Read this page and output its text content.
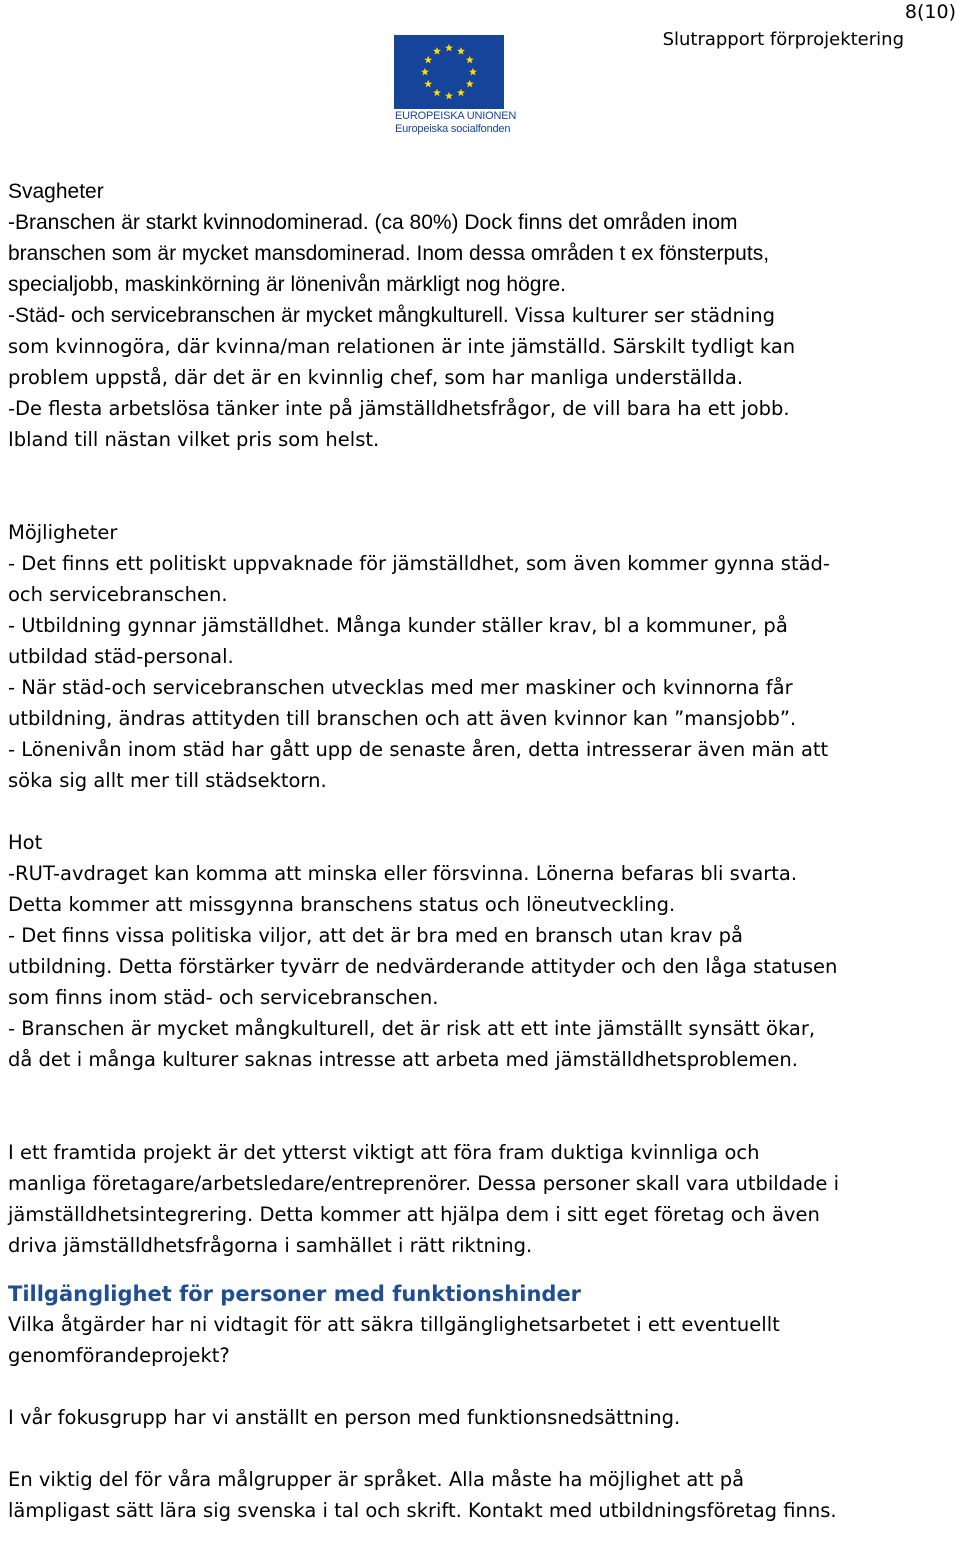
8(10)
Slutrapport förprojektering
EUROPEISKA UNIONEN
Europeiska socialfonden

Svagheter

-Branschen är starkt kvinnodominerad. (ca 80%) Dock finns det områden inom

branschen som är mycket mansdominerad. Inom dessa områden t ex fönsterputs,

specialjobb, maskinkörning är lönenivån märkligt nog högre.

-Städ- och servicebranschen är mycket mångkulturell. Vissa kulturer ser städning

som kvinnogöra, där kvinna/man relationen är inte jämställd. Särskilt tydligt kan

problem uppstå, där det är en kvinnlig chef, som har manliga underställda.

-De flesta arbetslösa tänker inte på jämställdhetsfrågor, de vill bara ha ett jobb.

Ibland till nästan vilket pris som helst.

Möjligheter

- Det finns ett politiskt uppvaknade för jämställdhet, som även kommer gynna städ-

och servicebranschen.

- Utbildning gynnar jämställdhet. Många kunder ställer krav, bl a kommuner, på

utbildad städ-personal.

- När städ-och servicebranschen utvecklas med mer maskiner och kvinnorna får

utbildning, ändras attityden till branschen och att även kvinnor kan ”mansjobb”.

- Lönenivån inom städ har gått upp de senaste åren, detta intresserar även män att

söka sig allt mer till städsektorn.

Hot

-RUT-avdraget kan komma att minska eller försvinna. Lönerna befaras bli svarta.

Detta kommer att missgynna branschens status och löneutveckling.

- Det finns vissa politiska viljor, att det är bra med en bransch utan krav på

utbildning. Detta förstärker tyvärr de nedvärderande attityder och den låga statusen

som finns inom städ- och servicebranschen.

- Branschen är mycket mångkulturell, det är risk att ett inte jämställt synsätt ökar,

då det i många kulturer saknas intresse att arbeta med jämställdhetsproblemen.

I ett framtida projekt är det ytterst viktigt att föra fram duktiga kvinnliga och

manliga företagare/arbetsledare/entreprenörer. Dessa personer skall vara utbildade i

jämställdhetsintegrering. Detta kommer att hjälpa dem i sitt eget företag och även

driva jämställdhetsfrågorna i samhället i rätt riktning.

Tillgänglighet för personer med funktionshinder

Vilka åtgärder har ni vidtagit för att säkra tillgänglighetsarbetet i ett eventuellt

genomförandeprojekt?

I vår fokusgrupp har vi anställt en person med funktionsnedsättning.

En viktig del för våra målgrupper är språket. Alla måste ha möjlighet att på

lämpligast sätt lära sig svenska i tal och skrift. Kontakt med utbildningsföretag finns.
